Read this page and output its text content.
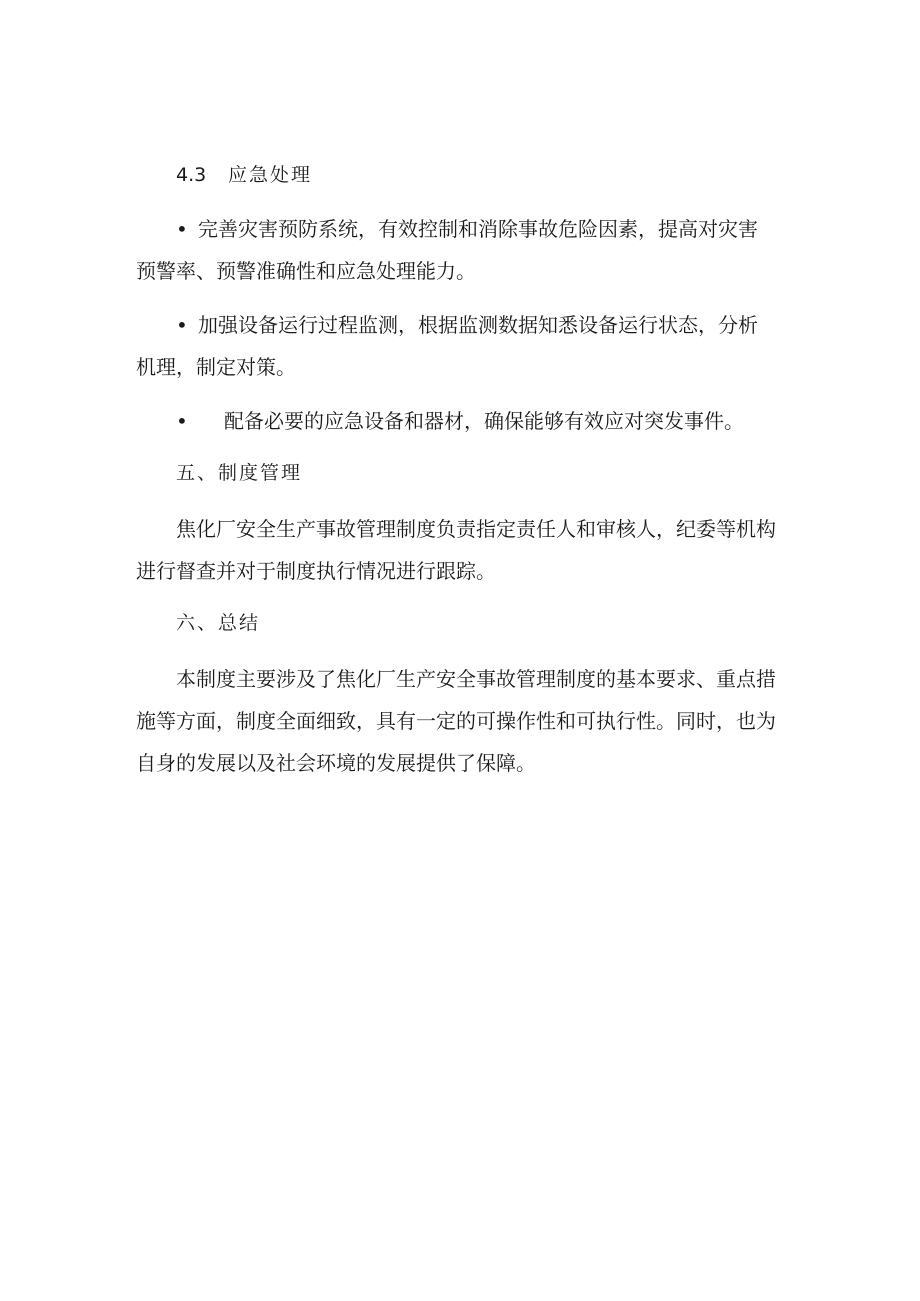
4.3 应急处理
• 完善灾害预防系统，有效控制和消除事故危险因素，提高对灾害
预警率、预警准确性和应急处理能力。
• 加强设备运行过程监测，根据监测数据知悉设备运行状态，分析
机理，制定对策。
• 配备必要的应急设备和器材，确保能够有效应对突发事件。
五、制度管理
焦化厂安全生产事故管理制度负责指定责任人和审核人，纪委等机构
进行督查并对于制度执行情况进行跟踪。
六、总结
本制度主要涉及了焦化厂生产安全事故管理制度的基本要求、重点措
施等方面，制度全面细致，具有一定的可操作性和可执行性。同时，也为
自身的发展以及社会环境的发展提供了保障。
